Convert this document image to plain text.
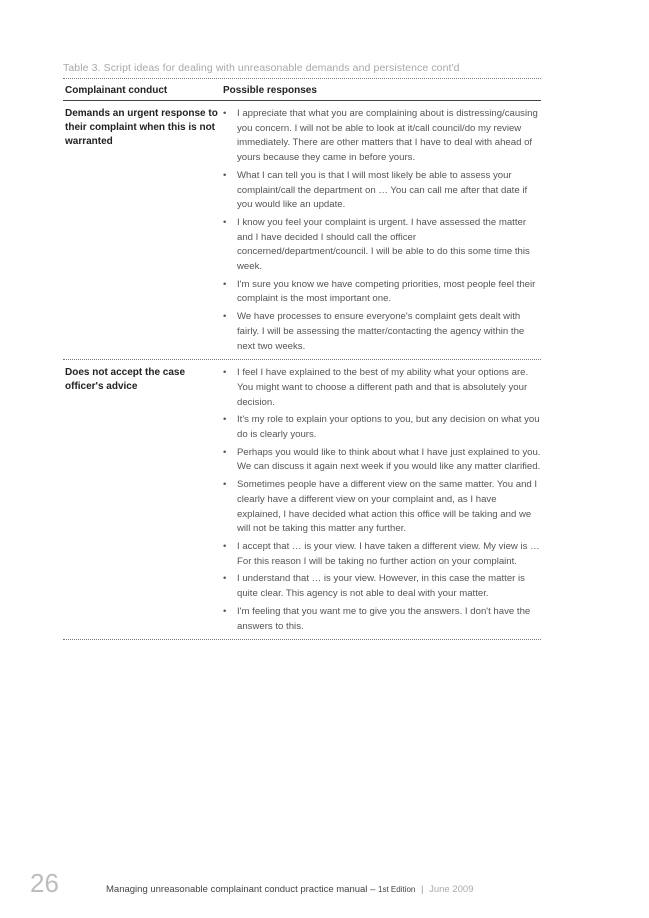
Table 3. Script ideas for dealing with unreasonable demands and persistence cont'd
Complainant conduct	Possible responses
Demands an urgent response to their complaint when this is not warranted
• I appreciate that what you are complaining about is distressing/causing you concern. I will not be able to look at it/call council/do my review immediately. There are other matters that I have to deal with ahead of yours because they came in before yours.
• What I can tell you is that I will most likely be able to assess your complaint/call the department on … You can call me after that date if you would like an update.
• I know you feel your complaint is urgent. I have assessed the matter and I have decided I should call the officer concerned/department/council. I will be able to do this some time this week.
• I'm sure you know we have competing priorities, most people feel their complaint is the most important one.
• We have processes to ensure everyone's complaint gets dealt with fairly. I will be assessing the matter/contacting the agency within the next two weeks.
Does not accept the case officer's advice
• I feel I have explained to the best of my ability what your options are. You might want to choose a different path and that is absolutely your decision.
• It's my role to explain your options to you, but any decision on what you do is clearly yours.
• Perhaps you would like to think about what I have just explained to you. We can discuss it again next week if you would like any matter clarified.
• Sometimes people have a different view on the same matter. You and I clearly have a different view on your complaint and, as I have explained, I have decided what action this office will be taking and we will not be taking this matter any further.
• I accept that … is your view. I have taken a different view. My view is … For this reason I will be taking no further action on your complaint.
• I understand that … is your view. However, in this case the matter is quite clear. This agency is not able to deal with your matter.
• I'm feeling that you want me to give you the answers. I don't have the answers to this.
26	Managing unreasonable complainant conduct practice manual – 1st Edition | June 2009
